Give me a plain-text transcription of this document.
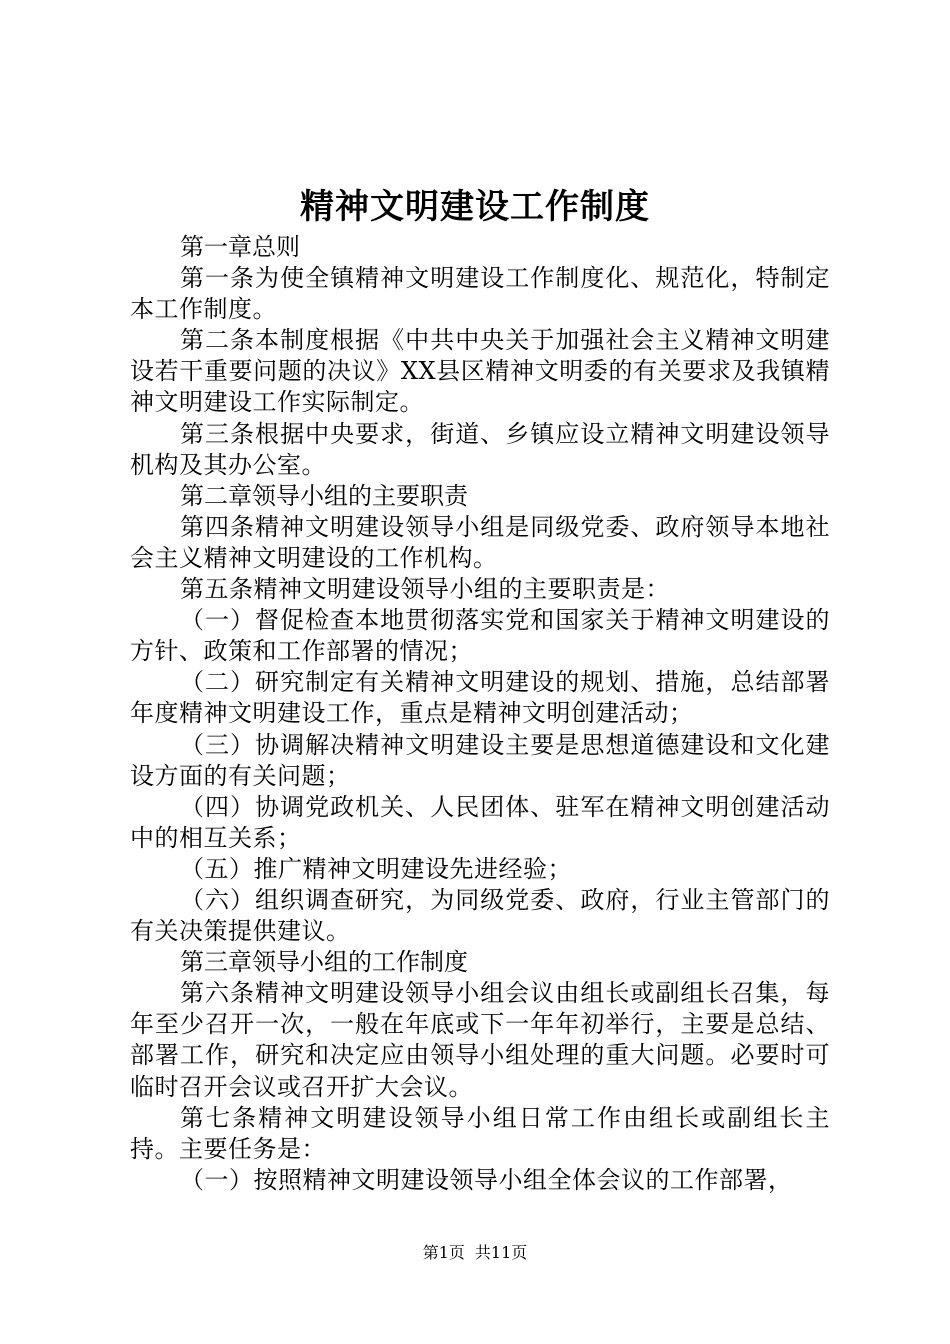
精神文明建设工作制度

第一章总则

第一条为使全镇精神文明建设工作制度化、规范化，特制定本工作制度。

第二条本制度根据《中共中央关于加强社会主义精神文明建设若干重要问题的决议》XX县区精神文明委的有关要求及我镇精神文明建设工作实际制定。

第三条根据中央要求，街道、乡镇应设立精神文明建设领导机构及其办公室。

第二章领导小组的主要职责

第四条精神文明建设领导小组是同级党委、政府领导本地社会主义精神文明建设的工作机构。

第五条精神文明建设领导小组的主要职责是：

（一）督促检查本地贯彻落实党和国家关于精神文明建设的方针、政策和工作部署的情况；

（二）研究制定有关精神文明建设的规划、措施，总结部署年度精神文明建设工作，重点是精神文明创建活动；

（三）协调解决精神文明建设主要是思想道德建设和文化建设方面的有关问题；

（四）协调党政机关、人民团体、驻军在精神文明创建活动中的相互关系；

（五）推广精神文明建设先进经验；

（六）组织调查研究，为同级党委、政府，行业主管部门的有关决策提供建议。

第三章领导小组的工作制度

第六条精神文明建设领导小组会议由组长或副组长召集，每年至少召开一次，一般在年底或下一年年初举行，主要是总结、部署工作，研究和决定应由领导小组处理的重大问题。必要时可临时召开会议或召开扩大会议。

第七条精神文明建设领导小组日常工作由组长或副组长主持。主要任务是：

（一）按照精神文明建设领导小组全体会议的工作部署，

第1页 共11页
